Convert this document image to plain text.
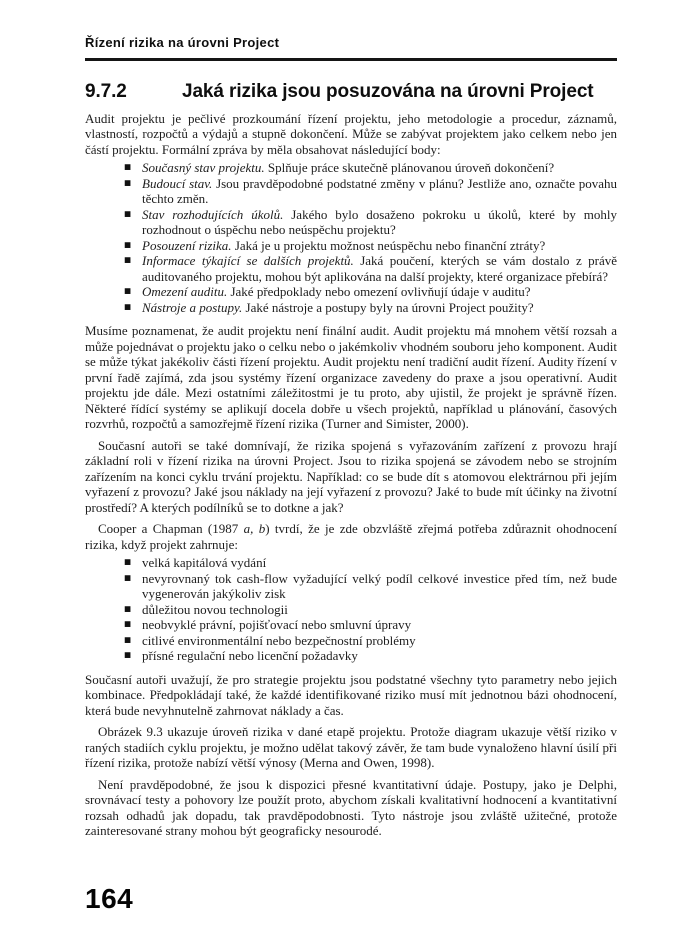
Řízení rizika na úrovni Project
9.7.2	Jaká rizika jsou posuzována na úrovni Project

Audit projektu je pečlivé prozkoumání řízení projektu, jeho metodologie a procedur, záznamů, vlastností, rozpočtů a výdajů a stupně dokončení. Může se zabývat projektem jako celkem nebo jen částí projektu. Formální zpráva by měla obsahovat následující body:

■ Současný stav projektu. Splňuje práce skutečně plánovanou úroveň dokončení?
■ Budoucí stav. Jsou pravděpodobné podstatné změny v plánu? Jestliže ano, označte povahu těchto změn.
■ Stav rozhodujících úkolů. Jakého bylo dosaženo pokroku u úkolů, které by mohly rozhodnout o úspěchu nebo neúspěchu projektu?
■ Posouzení rizika. Jaká je u projektu možnost neúspěchu nebo finanční ztráty?
■ Informace týkající se dalších projektů. Jaká poučení, kterých se vám dostalo z právě auditovaného projektu, mohou být aplikována na další projekty, které organizace přebírá?
■ Omezení auditu. Jaké předpoklady nebo omezení ovlivňují údaje v auditu?
■ Nástroje a postupy. Jaké nástroje a postupy byly na úrovni Project použity?

Musíme poznamenat, že audit projektu není finální audit. Audit projektu má mnohem větší rozsah a může pojednávat o projektu jako o celku nebo o jakémkoliv vhodném souboru jeho komponent. Audit se může týkat jakékoliv části řízení projektu. Audit projektu není tradiční audit řízení. Audity řízení v první řadě zajímá, zda jsou systémy řízení organizace zavedeny do praxe a jsou operativní. Audit projektu jde dále. Mezi ostatními záležitostmi je tu proto, aby ujistil, že projekt je správně řízen. Některé řídící systémy se aplikují docela dobře u všech projektů, například u plánování, časových rozvrhů, rozpočtů a samozřejmě řízení rizika (Turner and Simister, 2000).

Současní autoři se také domnívají, že rizika spojená s vyřazováním zařízení z provozu hrají základní roli v řízení rizika na úrovni Project. Jsou to rizika spojená se závodem nebo se strojním zařízením na konci cyklu trvání projektu. Například: co se bude dít s atomovou elektrárnou při jejím vyřazení z provozu? Jaké jsou náklady na její vyřazení z provozu? Jaké to bude mít účinky na životní prostředí? A kterých podílníků se to dotkne a jak?

Cooper a Chapman (1987 a, b) tvrdí, že je zde obzvláště zřejmá potřeba zdůraznit ohodnocení rizika, když projekt zahrnuje:

■ velká kapitálová vydání
■ nevyrovnaný tok cash-flow vyžadující velký podíl celkové investice před tím, než bude vygenerován jakýkoliv zisk
■ důležitou novou technologii
■ neobvyklé právní, pojišťovací nebo smluvní úpravy
■ citlivé environmentální nebo bezpečnostní problémy
■ přísné regulační nebo licenční požadavky

Současní autoři uvažují, že pro strategie projektu jsou podstatné všechny tyto parametry nebo jejich kombinace. Předpokládají také, že každé identifikované riziko musí mít jednotnou bázi ohodnocení, která bude nevyhnutelně zahrnovat náklady a čas.

Obrázek 9.3 ukazuje úroveň rizika v dané etapě projektu. Protože diagram ukazuje větší riziko v raných stadiích cyklu projektu, je možno udělat takový závěr, že tam bude vynaloženo hlavní úsilí při řízení rizika, protože nabízí větší výnosy (Merna and Owen, 1998).

Není pravděpodobné, že jsou k dispozici přesné kvantitativní údaje. Postupy, jako je Delphi, srovnávací testy a pohovory lze použít proto, abychom získali kvalitativní hodnocení a kvantitativní rozsah odhadů jak dopadu, tak pravděpodobnosti. Tyto nástroje jsou zvláště užitečné, protože zainteresované strany mohou být geograficky nesourodé.

164
